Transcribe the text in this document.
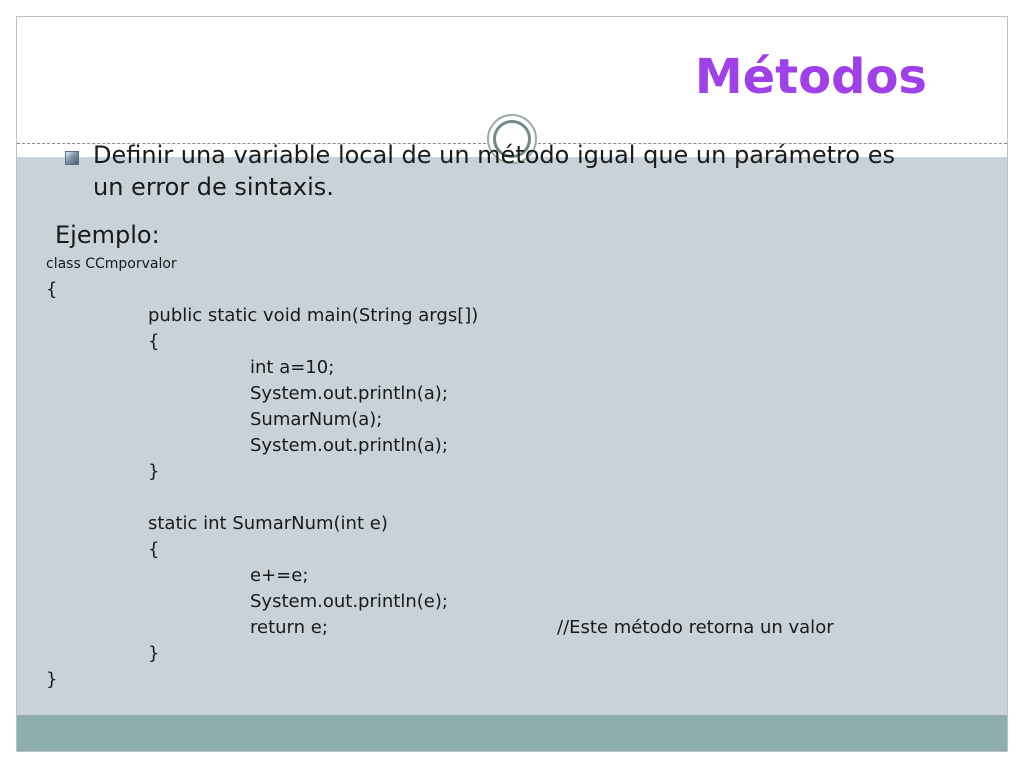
Métodos
Definir una variable local de un método igual que un parámetro es un error de sintaxis.
Ejemplo:
class CCmporvalor
{
public static void main(String args[])
{
int a=10;
System.out.println(a);
SumarNum(a);
System.out.println(a);
}
static int SumarNum(int e)
{
e+=e;
System.out.println(e);
return e;	//Este método retorna un valor
}
}
